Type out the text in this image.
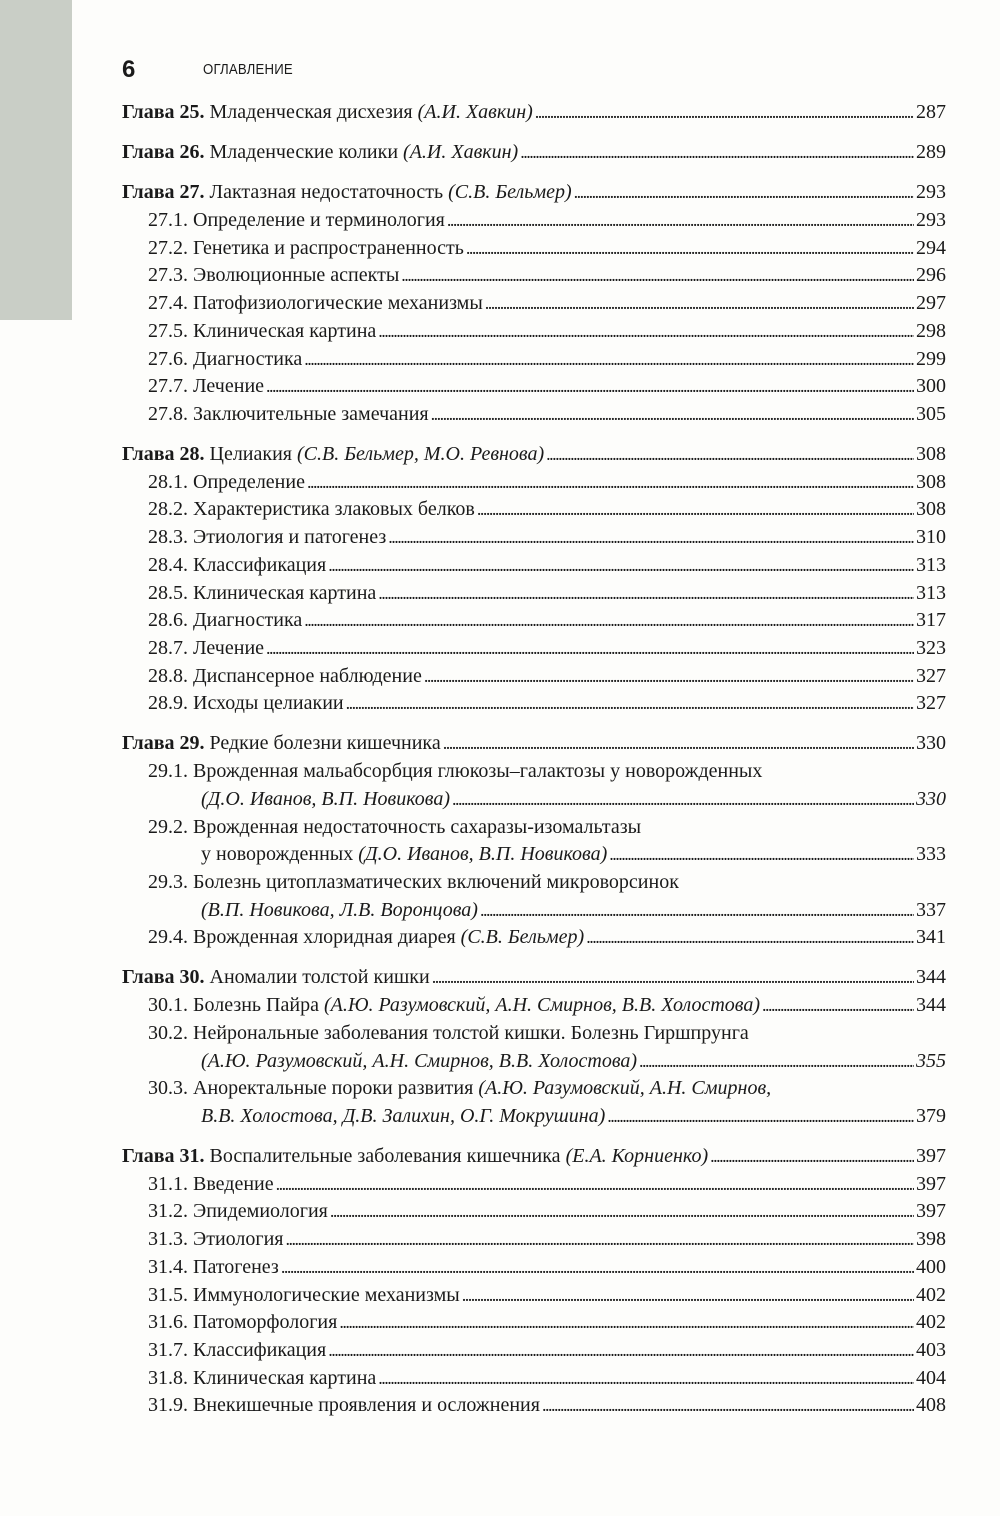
6	ОГЛАВЛЕНИЕ
Глава 25. Младенческая дисхезия (А.И. Хавкин) . . .	287
Глава 26. Младенческие колики (А.И. Хавкин) . . .	289
Глава 27. Лактазная недостаточность (С.В. Бельмер) . . .	293
27.1. Определение и терминология . . .	293
27.2. Генетика и распространенность . . .	294
27.3. Эволюционные аспекты . . .	296
27.4. Патофизиологические механизмы . . .	297
27.5. Клиническая картина . . .	298
27.6. Диагностика . . .	299
27.7. Лечение . . .	300
27.8. Заключительные замечания . . .	305
Глава 28. Целиакия (С.В. Бельмер, М.О. Ревнова) . . .	308
28.1. Определение . . .	308
28.2. Характеристика злаковых белков . . .	308
28.3. Этиология и патогенез . . .	310
28.4. Классификация . . .	313
28.5. Клиническая картина . . .	313
28.6. Диагностика . . .	317
28.7. Лечение . . .	323
28.8. Диспансерное наблюдение . . .	327
28.9. Исходы целиакии . . .	327
Глава 29. Редкие болезни кишечника . . .	330
29.1. Врожденная мальабсорбция глюкозы–галактозы у новорожденных
(Д.О. Иванов, В.П. Новикова) . . .	330
29.2. Врожденная недостаточность сахаразы-изомальтазы
у новорожденных (Д.О. Иванов, В.П. Новикова) . . .	333
29.3. Болезнь цитоплазматических включений микроворсинок
(В.П. Новикова, Л.В. Воронцова) . . .	337
29.4. Врожденная хлоридная диарея (С.В. Бельмер) . . .	341
Глава 30. Аномалии толстой кишки . . .	344
30.1. Болезнь Пайра (А.Ю. Разумовский, А.Н. Смирнов, В.В. Холостова) . . .	344
30.2. Нейрональные заболевания толстой кишки. Болезнь Гиршпрунга
(А.Ю. Разумовский, А.Н. Смирнов, В.В. Холостова) . . .	355
30.3. Аноректальные пороки развития (А.Ю. Разумовский, А.Н. Смирнов,
В.В. Холостова, Д.В. Залихин, О.Г. Мокрушина) . . .	379
Глава 31. Воспалительные заболевания кишечника (Е.А. Корниенко) . . .	397
31.1. Введение . . .	397
31.2. Эпидемиология . . .	397
31.3. Этиология . . .	398
31.4. Патогенез . . .	400
31.5. Иммунологические механизмы . . .	402
31.6. Патоморфология . . .	402
31.7. Классификация . . .	403
31.8. Клиническая картина . . .	404
31.9. Внекишечные проявления и осложнения . . .	408
